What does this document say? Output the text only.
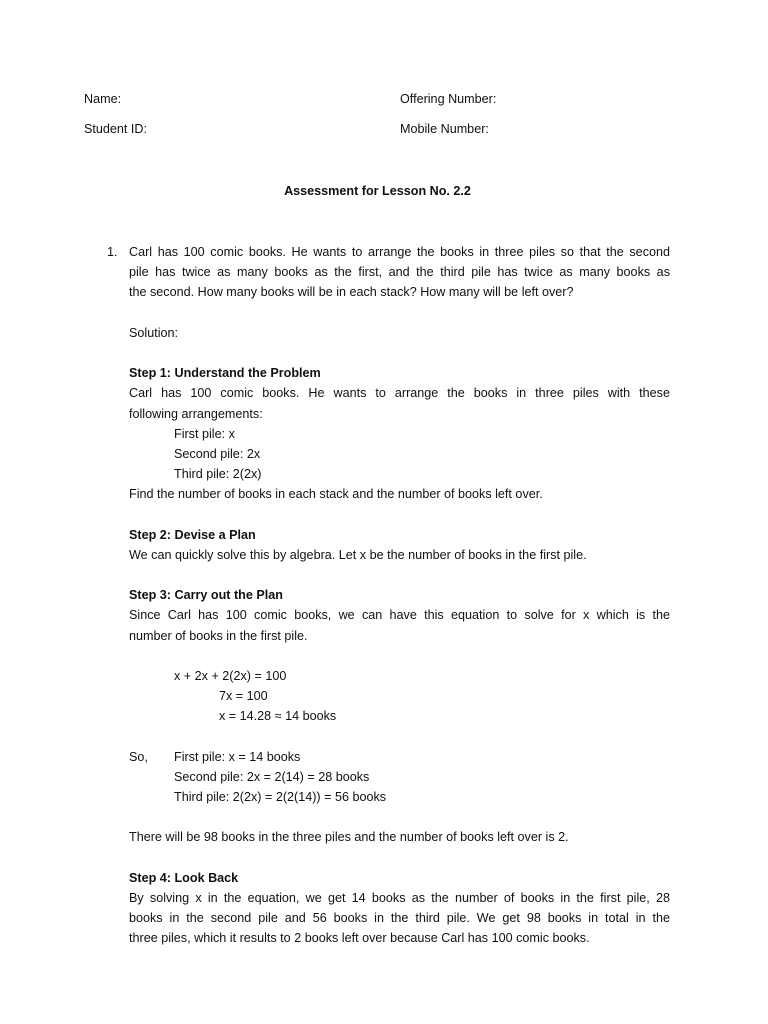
Name:	Offering Number:
Student ID:	Mobile Number:
Assessment for Lesson No. 2.2
1. Carl has 100 comic books. He wants to arrange the books in three piles so that the second
pile has twice as many books as the first, and the third pile has twice as many books as
the second. How many books will be in each stack? How many will be left over?
Solution:
Step 1: Understand the Problem
Carl has 100 comic books. He wants to arrange the books in three piles with these
following arrangements:
First pile: x
Second pile: 2x
Third pile: 2(2x)
Find the number of books in each stack and the number of books left over.
Step 2: Devise a Plan
We can quickly solve this by algebra. Let x be the number of books in the first pile.
Step 3: Carry out the Plan
Since Carl has 100 comic books, we can have this equation to solve for x which is the
number of books in the first pile.
x + 2x + 2(2x) = 100
7x = 100
x = 14.28 ≈ 14 books
So, First pile: x = 14 books
Second pile: 2x = 2(14) = 28 books
Third pile: 2(2x) = 2(2(14)) = 56 books
There will be 98 books in the three piles and the number of books left over is 2.
Step 4: Look Back
By solving x in the equation, we get 14 books as the number of books in the first pile, 28
books in the second pile and 56 books in the third pile. We get 98 books in total in the
three piles, which it results to 2 books left over because Carl has 100 comic books.
